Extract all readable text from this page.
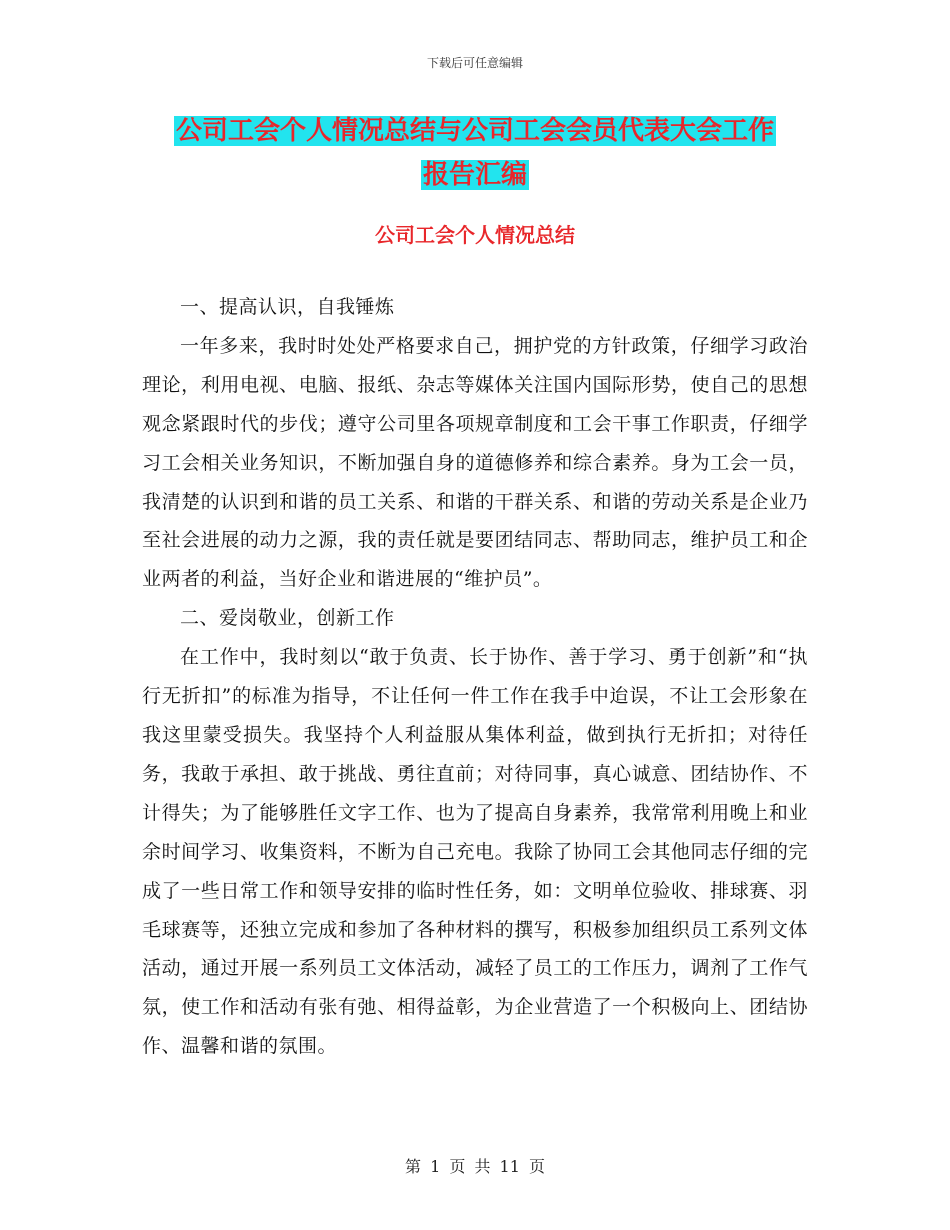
下载后可任意编辑
公司工会个人情况总结与公司工会会员代表大会工作
报告汇编
公司工会个人情况总结

一、提高认识，自我锤炼

一年多来，我时时处处严格要求自己，拥护党的方针政策，仔细学习政治理论，利用电视、电脑、报纸、杂志等媒体关注国内国际形势，使自己的思想观念紧跟时代的步伐；遵守公司里各项规章制度和工会干事工作职责，仔细学习工会相关业务知识，不断加强自身的道德修养和综合素养。身为工会一员，我清楚的认识到和谐的员工关系、和谐的干群关系、和谐的劳动关系是企业乃至社会进展的动力之源，我的责任就是要团结同志、帮助同志，维护员工和企业两者的利益，当好企业和谐进展的“维护员”。

二、爱岗敬业，创新工作

在工作中，我时刻以“敢于负责、长于协作、善于学习、勇于创新”和“执行无折扣”的标准为指导，不让任何一件工作在我手中迨误，不让工会形象在我这里蒙受损失。我坚持个人利益服从集体利益，做到执行无折扣；对待任务，我敢于承担、敢于挑战、勇往直前；对待同事，真心诚意、团结协作、不计得失；为了能够胜任文字工作、也为了提高自身素养，我常常利用晚上和业余时间学习、收集资料，不断为自己充电。我除了协同工会其他同志仔细的完成了一些日常工作和领导安排的临时性任务，如：文明单位验收、排球赛、羽毛球赛等，还独立完成和参加了各种材料的撰写，积极参加组织员工系列文体活动，通过开展一系列员工文体活动，减轻了员工的工作压力，调剂了工作气氛，使工作和活动有张有弛、相得益彰，为企业营造了一个积极向上、团结协作、温馨和谐的氛围。

第 1 页 共 11 页
